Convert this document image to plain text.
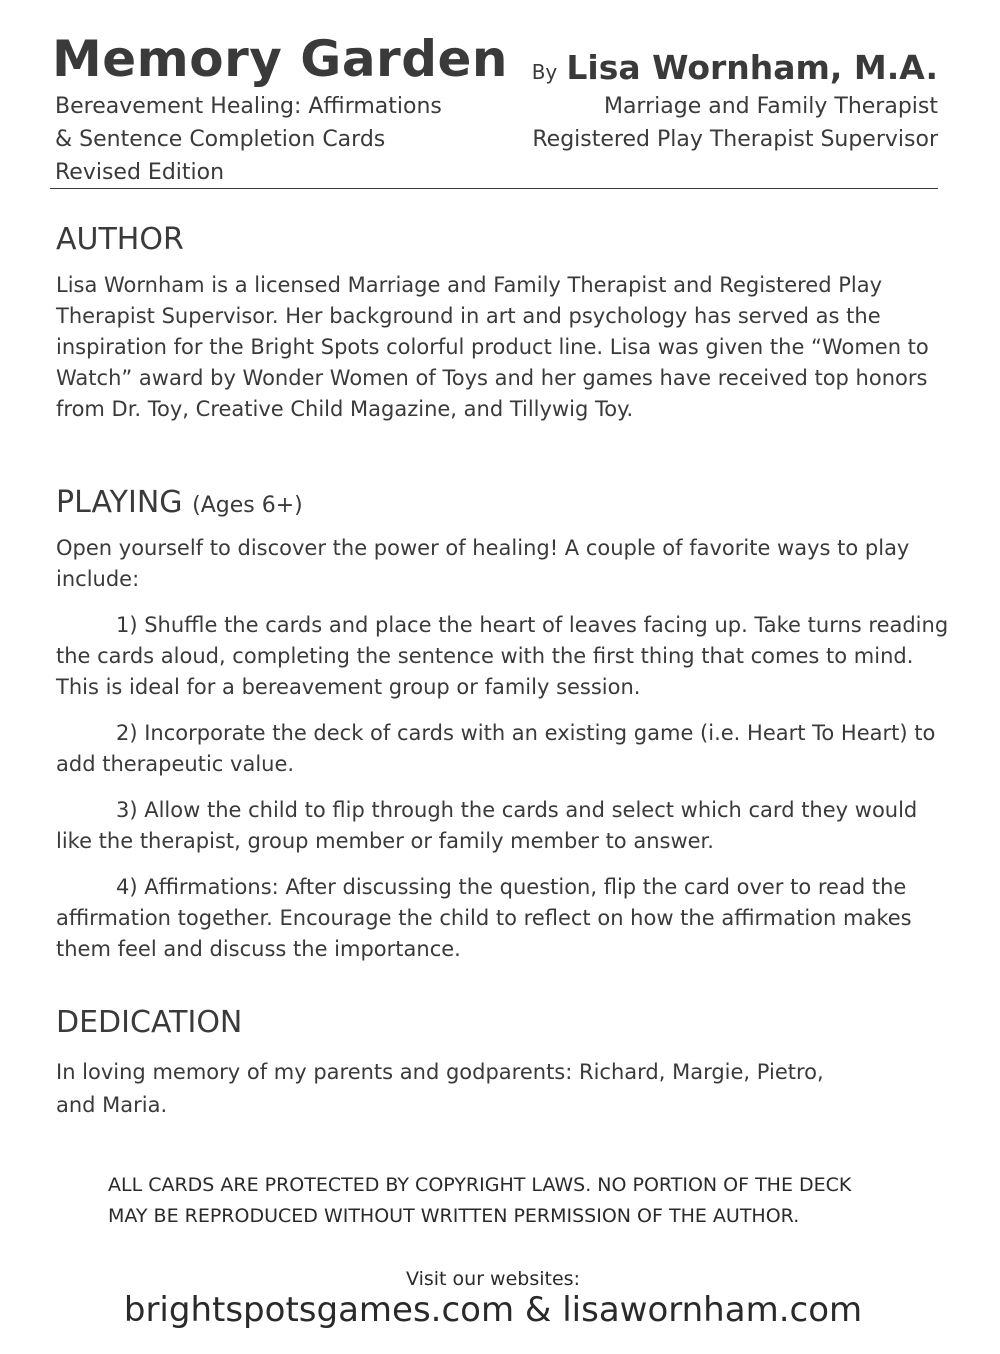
Memory Garden
Bereavement Healing: Affirmations
& Sentence Completion Cards
Revised Edition
By Lisa Wornham, M.A.
Marriage and Family Therapist
Registered Play Therapist Supervisor
AUTHOR

Lisa Wornham is a licensed Marriage and Family Therapist and Registered Play Therapist Supervisor. Her background in art and psychology has served as the inspiration for the Bright Spots colorful product line. Lisa was given the “Women to Watch” award by Wonder Women of Toys and her games have received top honors from Dr. Toy, Creative Child Magazine, and Tillywig Toy.

PLAYING (Ages 6+)

Open yourself to discover the power of healing! A couple of favorite ways to play include:

1) Shuffle the cards and place the heart of leaves facing up. Take turns reading the cards aloud, completing the sentence with the first thing that comes to mind. This is ideal for a bereavement group or family session.
2) Incorporate the deck of cards with an existing game (i.e. Heart To Heart) to add therapeutic value.
3) Allow the child to flip through the cards and select which card they would like the therapist, group member or family member to answer.
4) Affirmations: After discussing the question, flip the card over to read the affirmation together. Encourage the child to reflect on how the affirmation makes them feel and discuss the importance.
DEDICATION

In loving memory of my parents and godparents: Richard, Margie, Pietro, and Maria.

ALL CARDS ARE PROTECTED BY COPYRIGHT LAWS. NO PORTION OF THE DECK
MAY BE REPRODUCED WITHOUT WRITTEN PERMISSION OF THE AUTHOR.
Visit our websites:
brightspotsgames.com & lisawornham.com
